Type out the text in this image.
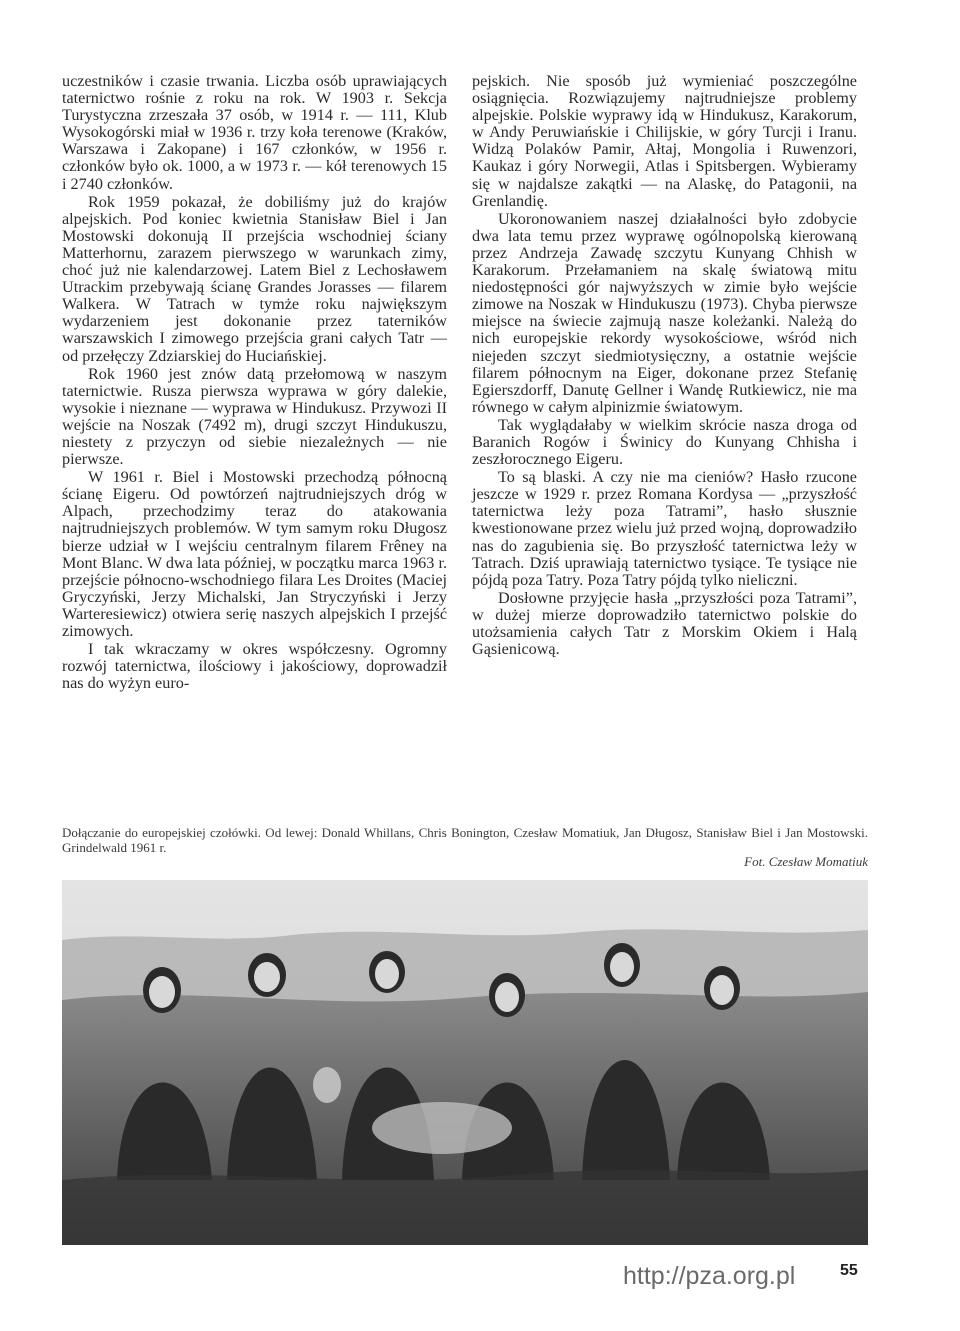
uczestników i czasie trwania. Liczba osób uprawiających taternictwo rośnie z roku na rok. W 1903 r. Sekcja Turystyczna zrzeszała 37 osób, w 1914 r. — 111, Klub Wysokogórski miał w 1936 r. trzy koła terenowe (Kraków, Warszawa i Zakopane) i 167 członków, w 1956 r. członków było ok. 1000, a w 1973 r. — kół terenowych 15 i 2740 członków.

Rok 1959 pokazał, że dobiliśmy już do krajów alpejskich. Pod koniec kwietnia Stanisław Biel i Jan Mostowski dokonują II przejścia wschodniej ściany Matterhornu, zarazem pierwszego w warunkach zimy, choć już nie kalendarzowej. Latem Biel z Lechosławem Utrackim przebywają ścianę Grandes Jorasses — filarem Walkera. W Tatrach w tymże roku największym wydarzeniem jest dokonanie przez taterników warszawskich I zimowego przejścia grani całych Tatr — od przełęczy Zdziarskiej do Huciańskiej.

Rok 1960 jest znów datą przełomową w naszym taternictwie. Rusza pierwsza wyprawa w góry dalekie, wysokie i nieznane — wyprawa w Hindukusz. Przywozi II wejście na Noszak (7492 m), drugi szczyt Hindukuszu, niestety z przyczyn od siebie niezależnych — nie pierwsze.

W 1961 r. Biel i Mostowski przechodzą północną ścianę Eigeru. Od powtórzeń najtrudniejszych dróg w Alpach, przechodzimy teraz do atakowania najtrudniejszych problemów. W tym samym roku Długosz bierze udział w I wejściu centralnym filarem Frêney na Mont Blanc. W dwa lata później, w początku marca 1963 r. przejście północno-wschodniego filara Les Droites (Maciej Gryczyński, Jerzy Michalski, Jan Stryczyński i Jerzy Warteresiewicz) otwiera serię naszych alpejskich I przejść zimowych.

I tak wkraczamy w okres współczesny. Ogromny rozwój taternictwa, ilościowy i jakościowy, doprowadził nas do wyżyn euro-

pejskich. Nie sposób już wymieniać poszczególne osiągnięcia. Rozwiązujemy najtrudniejsze problemy alpejskie. Polskie wyprawy idą w Hindukusz, Karakorum, w Andy Peruwiańskie i Chilijskie, w góry Turcji i Iranu. Widzą Polaków Pamir, Ałtaj, Mongolia i Ruwenzori, Kaukaz i góry Norwegii, Atlas i Spitsbergen. Wybieramy się w najdalsze zakątki — na Alaskę, do Patagonii, na Grenlandię.

Ukoronowaniem naszej działalności było zdobycie dwa lata temu przez wyprawę ogólnopolską kierowaną przez Andrzeja Zawadę szczytu Kunyang Chhish w Karakorum. Przełamaniem na skalę światową mitu niedostępności gór najwyższych w zimie było wejście zimowe na Noszak w Hindukuszu (1973). Chyba pierwsze miejsce na świecie zajmują nasze koleżanki. Należą do nich europejskie rekordy wysokościowe, wśród nich niejeden szczyt siedmiotysięczny, a ostatnie wejście filarem północnym na Eiger, dokonane przez Stefanię Egierszdorff, Danutę Gellner i Wandę Rutkiewicz, nie ma równego w całym alpinizmie światowym.

Tak wyglądałaby w wielkim skrócie nasza droga od Baranich Rogów i Świnicy do Kunyang Chhisha i zeszłorocznego Eigeru.

To są blaski. A czy nie ma cieniów? Hasło rzucone jeszcze w 1929 r. przez Romana Kordysa — „przyszłość taternictwa leży poza Tatrami”, hasło słusznie kwestionowane przez wielu już przed wojną, doprowadziło nas do zagubienia się. Bo przyszłość taternictwa leży w Tatrach. Dziś uprawiają taternictwo tysiące. Te tysiące nie pójdą poza Tatry. Poza Tatry pójdą tylko nieliczni.

Dosłowne przyjęcie hasła „przyszłości poza Tatrami”, w dużej mierze doprowadziło taternictwo polskie do utożsamienia całych Tatr z Morskim Okiem i Halą Gąsienicową.

Dołączanie do europejskiej czołówki. Od lewej: Donald Whillans, Chris Bonington, Czesław Momatiuk, Jan Długosz, Stanisław Biel i Jan Mostowski. Grindelwald 1961 r.
Fot. Czesław Momatiuk
http://pza.org.pl	55
